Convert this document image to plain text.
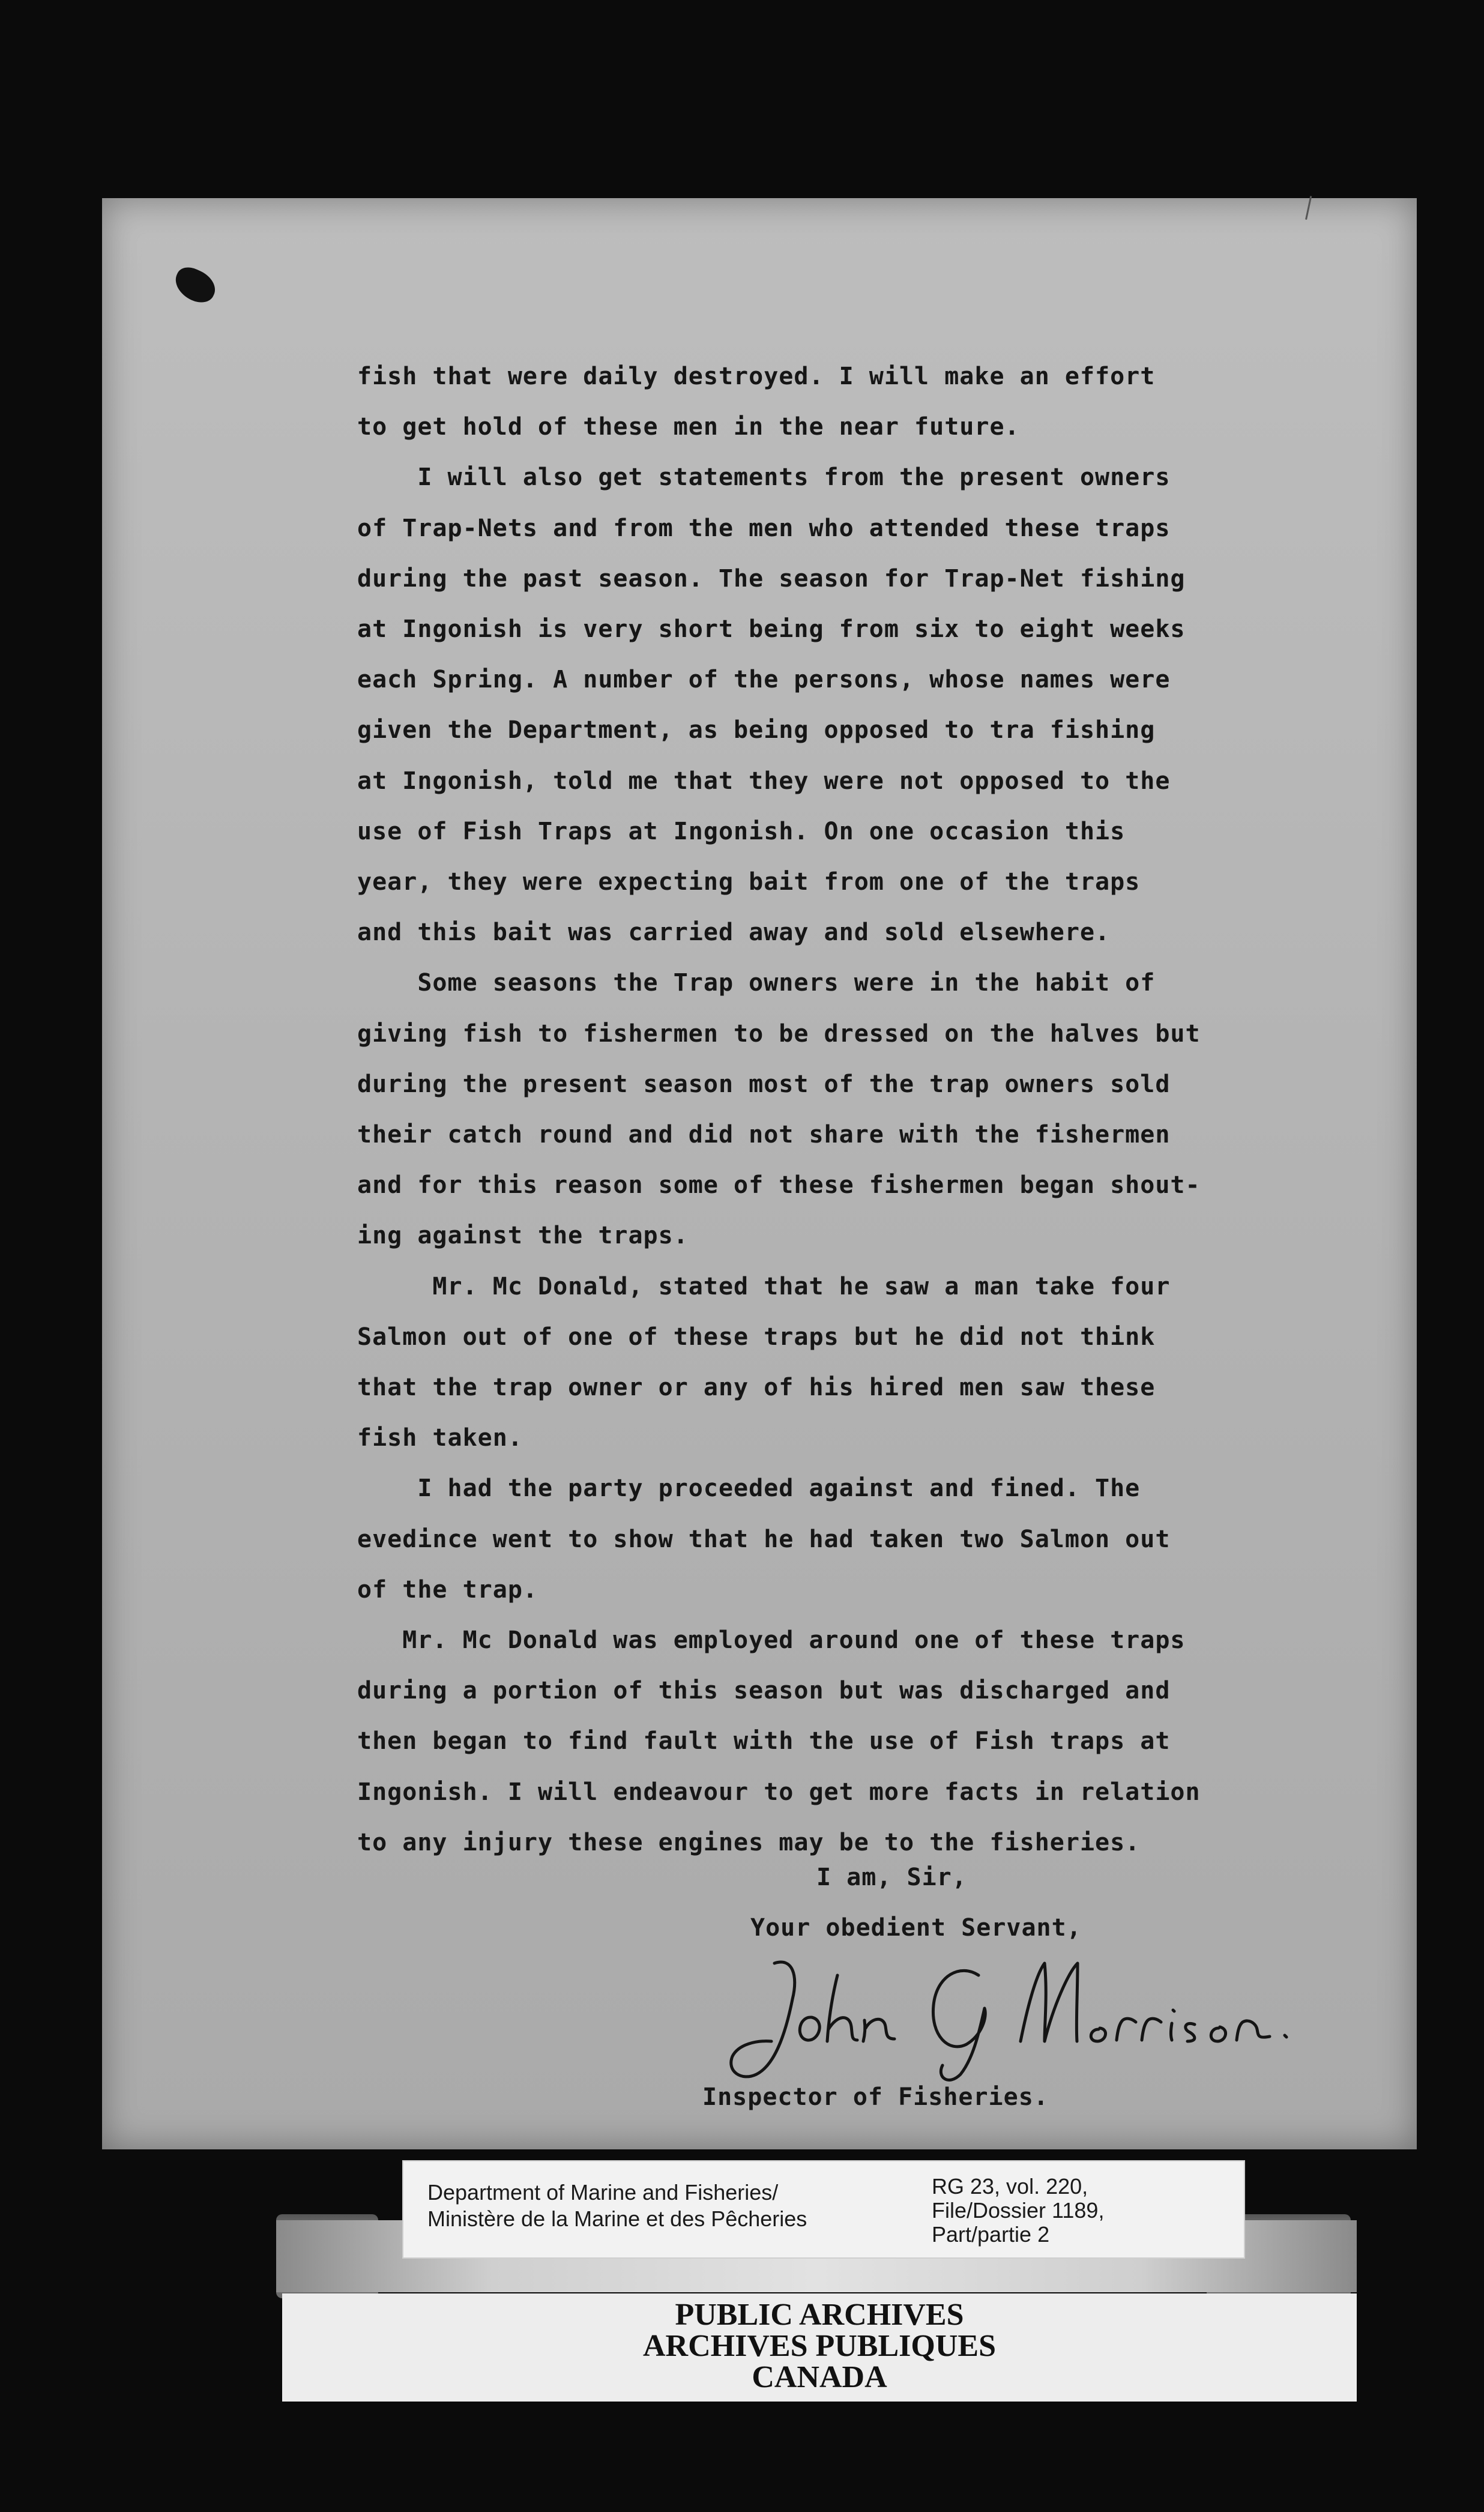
fish that were daily destroyed. I will make an effort
to get hold of these men in the near future.
I will also get statements from the present owners
of Trap-Nets and from the men who attended these traps
during the past season. The season for Trap-Net fishing
at Ingonish is very short being from six to eight weeks
each Spring. A number of the persons, whose names were
given the Department, as being opposed to tra fishing
at Ingonish, told me that they were not opposed to the
use of Fish Traps at Ingonish. On one occasion this
year, they were expecting bait from one of the traps
and this bait was carried away and sold elsewhere.
Some seasons the Trap owners were in the habit of
giving fish to fishermen to be dressed on the halves but
during the present season most of the trap owners sold
their catch round and did not share with the fishermen
and for this reason some of these fishermen began shout-
ing against the traps.
Mr. Mc Donald, stated that he saw a man take four
Salmon out of one of these traps but he did not think
that the trap owner or any of his hired men saw these
fish taken.
I had the party proceeded against and fined. The
evedince went to show that he had taken two Salmon out
of the trap.
Mr. Mc Donald was employed around one of these traps
during a portion of this season but was discharged and
then began to find fault with the use of Fish traps at
Ingonish. I will endeavour to get more facts in relation
to any injury these engines may be to the fisheries.
I am, Sir,
Your obedient Servant,
Inspector of Fisheries.
Department of Marine and Fisheries/
Ministère de la Marine et des Pêcheries
RG 23, vol. 220,
File/Dossier 1189,
Part/partie 2
PUBLIC ARCHIVES
ARCHIVES PUBLIQUES
CANADA
